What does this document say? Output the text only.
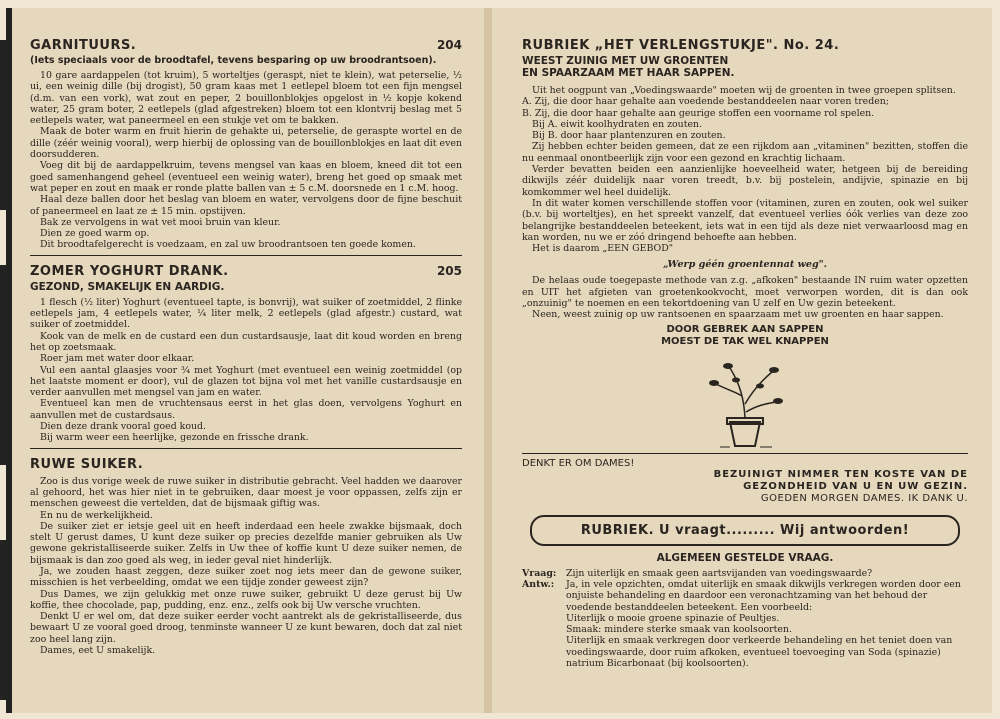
GARNITUURS.	204
(Iets speciaals voor de broodtafel, tevens besparing op uw broodrantsoen).

10 gare aardappelen (tot kruim), 5 worteltjes (geraspt, niet te klein), wat peterselie, ½ ui, een weinig dille (bij drogist), 50 gram kaas met 1 eetlepel bloem tot een fijn mengsel (d.m. van een vork), wat zout en peper, 2 bouillonblokjes opgelost in ½ kopje kokend water, 25 gram boter, 2 eetlepels (glad afgestreken) bloem tot een klontvrij beslag met 5 eetlepels water, wat paneermeel en een stukje vet om te bakken.

Maak de boter warm en fruit hierin de gehakte ui, peterselie, de geraspte wortel en de dille (zéér weinig vooral), werp hierbij de oplossing van de bouillonblokjes en laat dit even doorsudderen.

Voeg dit bij de aardappelkruim, tevens mengsel van kaas en bloem, kneed dit tot een goed samenhangend geheel (eventueel een weinig water), breng het goed op smaak met wat peper en zout en maak er ronde platte ballen van ± 5 c.M. doorsnede en 1 c.M. hoog.

Haal deze ballen door het beslag van bloem en water, vervolgens door de fijne beschuit of paneermeel en laat ze ± 15 min. opstijven.

Bak ze vervolgens in wat vet mooi bruin van kleur.

Dien ze goed warm op.

Dit broodtafelgerecht is voedzaam, en zal uw broodrantsoen ten goede komen.

ZOMER YOGHURT DRANK.	205
GEZOND, SMAKELIJK EN AARDIG.

1 flesch (½ liter) Yoghurt (eventueel tapte, is bonvrij), wat suiker of zoetmiddel, 2 flinke eetlepels jam, 4 eetlepels water, ¼ liter melk, 2 eetlepels (glad afgestr.) custard, wat suiker of zoetmiddel.

Kook van de melk en de custard een dun custardsausje, laat dit koud worden en breng het op zoetsmaak.

Roer jam met water door elkaar.

Vul een aantal glaasjes voor ¾ met Yoghurt (met eventueel een weinig zoetmiddel (op het laatste moment er door), vul de glazen tot bijna vol met het vanille custardsausje en verder aanvullen met mengsel van jam en water.

Eventueel kan men de vruchtensaus eerst in het glas doen, vervolgens Yoghurt en aanvullen met de custardsaus.

Dien deze drank vooral goed koud.

Bij warm weer een heerlijke, gezonde en frissche drank.

RUWE SUIKER.

Zoo is dus vorige week de ruwe suiker in distributie gebracht. Veel hadden we daarover al gehoord, het was hier niet in te gebruiken, daar moest je voor oppassen, zelfs zijn er menschen geweest die vertelden, dat de bijsmaak giftig was.

En nu de werkelijkheid.

De suiker ziet er ietsje geel uit en heeft inderdaad een heele zwakke bijsmaak, doch stelt U gerust dames, U kunt deze suiker op precies dezelfde manier gebruiken als Uw gewone gekristalliseerde suiker. Zelfs in Uw thee of koffie kunt U deze suiker nemen, de bijsmaak is dan zoo goed als weg, in ieder geval niet hinderlijk.

Ja, we zouden haast zeggen, deze suiker zoet nog iets meer dan de gewone suiker, misschien is het verbeelding, omdat we een tijdje zonder geweest zijn?

Dus Dames, we zijn gelukkig met onze ruwe suiker, gebruikt U deze gerust bij Uw koffie, thee chocolade, pap, pudding, enz. enz., zelfs ook bij Uw versche vruchten.

Denkt U er wel om, dat deze suiker eerder vocht aantrekt als de gekristalliseerde, dus bewaart U ze vooral goed droog, tenminste wanneer U ze kunt bewaren, doch dat zal niet zoo heel lang zijn.

Dames, eet U smakelijk.

RUBRIEK „HET VERLENGSTUKJE". No. 24.
WEEST ZUINIG MET UW GROENTEN
EN SPAARZAAM MET HAAR SAPPEN.

Uit het oogpunt van „Voedingswaarde" moeten wij de groenten in twee groepen splitsen.

A. Zij, die door haar gehalte aan voedende bestanddeelen naar voren treden;

B. Zij, die door haar gehalte aan geurige stoffen een voorname rol spelen.

Bij A. eiwit koolhydraten en zouten.

Bij B. door haar plantenzuren en zouten.

Zij hebben echter beiden gemeen, dat ze een rijkdom aan „vitaminen" bezitten, stoffen die nu eenmaal onontbeerlijk zijn voor een gezond en krachtig lichaam.

Verder bevatten beiden een aanzienlijke hoeveelheid water, hetgeen bij de bereiding dikwijls zéér duidelijk naar voren treedt, b.v. bij postelein, andijvie, spinazie en bij komkommer wel heel duidelijk.

In dit water komen verschillende stoffen voor (vitaminen, zuren en zouten, ook wel suiker (b.v. bij worteltjes), en het spreekt vanzelf, dat eventueel verlies óók verlies van deze zoo belangrijke bestanddeelen beteekent, iets wat in een tijd als deze niet verwaarloosd mag en kan worden, nu we er zóó dringend behoefte aan hebben.

Het is daarom „EEN GEBOD"

„Werp géén groentennat weg".

De helaas oude toegepaste methode van z.g. „afkoken" bestaande IN ruim water opzetten en UIT het afgieten van groetenkookvocht, moet verworpen worden, dit is dan ook „onzuinig" te noemen en een tekortdoening van U zelf en Uw gezin beteekent.

Neen, weest zuinig op uw rantsoenen en spaarzaam met uw groenten en haar sappen.

DOOR GEBREK AAN SAPPEN
MOEST DE TAK WEL KNAPPEN
DENKT ER OM DAMES!
BEZUINIGT NIMMER TEN KOSTE VAN DE
GEZONDHEID VAN U EN UW GEZIN.
GOEDEN MORGEN DAMES. IK DANK U.
RUBRIEK. U vraagt......... Wij antwoorden!
ALGEMEEN GESTELDE VRAAG.
Vraag:	Zijn uiterlijk en smaak geen aartsvijanden van voedingswaarde?
Antw.:	Ja, in vele opzichten, omdat uiterlijk en smaak dikwijls verkregen worden door een onjuiste behandeling en daardoor een veronachtzaming van het behoud der voedende bestanddeelen beteekent. Een voorbeeld:
Uiterlijk o mooie groene spinazie of Peultjes.
Smaak: mindere sterke smaak van koolsoorten.
Uiterlijk en smaak verkregen door verkeerde behandeling en het teniet doen van voedingswaarde, door ruim afkoken, eventueel toevoeging van Soda (spinazie) natrium Bicarbonaat (bij koolsoorten).
